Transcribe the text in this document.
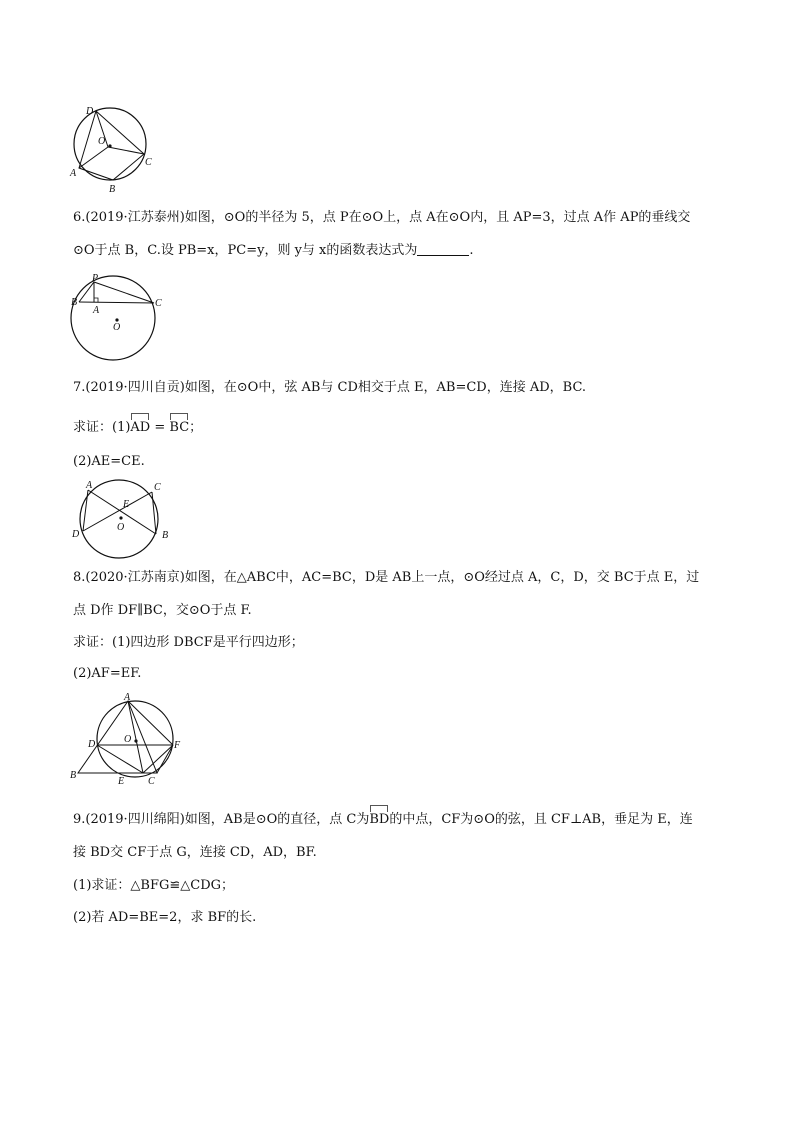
D
O
C
A
B
6.(2019·江苏泰州)如图，⊙O的半径为 5，点 P在⊙O上，点 A在⊙O内，且 AP=3，过点 A作 AP的垂线交
⊙O于点 B，C.设 PB=x，PC=y，则 y与 x的函数表达式为	.
P
B
A
C
O
7.(2019·四川自贡)如图，在⊙O中，弦 AB与 CD相交于点 E，AB=CD，连接 AD，BC.
求证：(1)AD = BC；
(2)AE=CE.
A	C
E
O
D	B
8.(2020·江苏南京)如图，在△ABC中，AC=BC，D是 AB上一点，⊙O经过点 A，C，D，交 BC于点 E，过
点 D作 DF∥BC，交⊙O于点 F.
求证：(1)四边形 DBCF是平行四边形；
(2)AF=EF.
A
D	O
F
B
E C
9.(2019·四川绵阳)如图，AB是⊙O的直径，点 C为BD的中点，CF为⊙O的弦，且 CF⊥AB，垂足为 E，连
接 BD交 CF于点 G，连接 CD，AD，BF.
(1)求证：△BFG≌△CDG；
(2)若 AD=BE=2，求 BF的长.
